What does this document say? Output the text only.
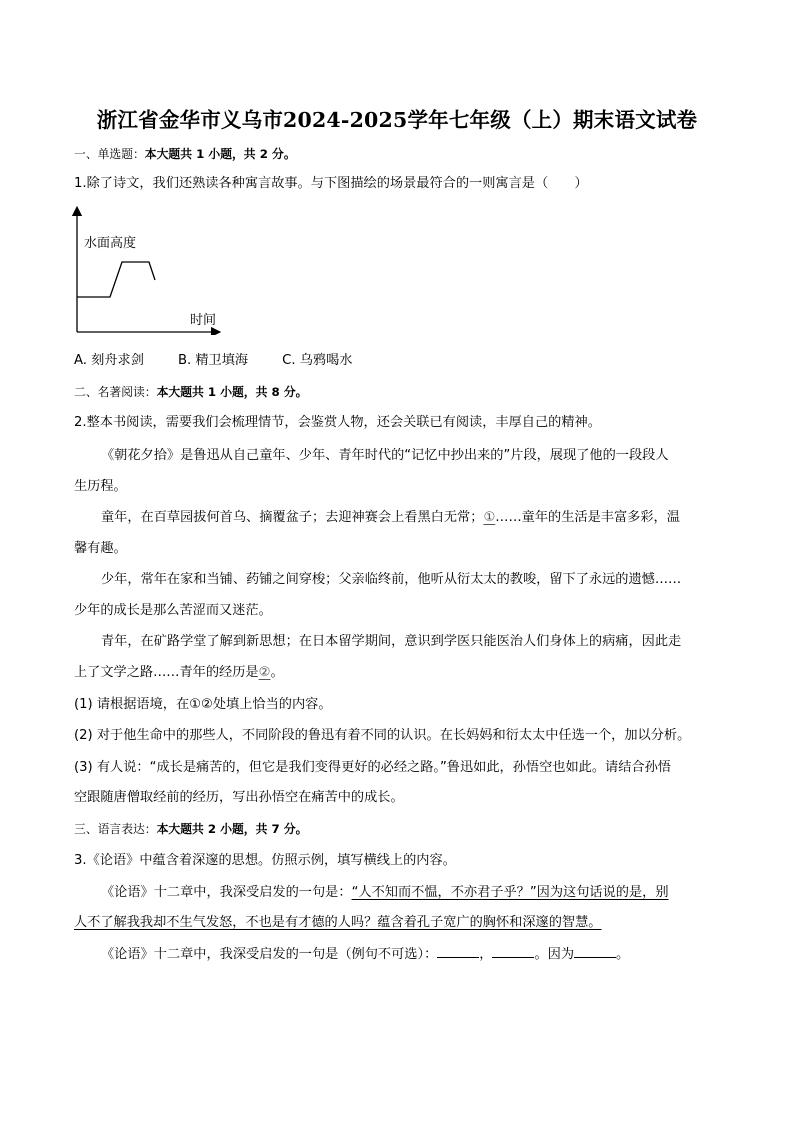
浙江省金华市义乌市2024-2025学年七年级（上）期末语文试卷
一、单选题：本大题共 1 小题，共 2 分。
1.除了诗文，我们还熟读各种寓言故事。与下图描绘的场景最符合的一则寓言是（　　）
水面高度
时间
A. 刻舟求剑	B. 精卫填海	C. 乌鸦喝水
二、名著阅读：本大题共 1 小题，共 8 分。
2.整本书阅读，需要我们会梳理情节，会鉴赏人物，还会关联已有阅读，丰厚自己的精神。
《朝花夕拾》是鲁迅从自己童年、少年、青年时代的“记忆中抄出来的”片段，展现了他的一段段人
生历程。
童年，在百草园拔何首乌、摘覆盆子；去迎神赛会上看黑白无常；①……童年的生活是丰富多彩，温
馨有趣。
少年，常年在家和当铺、药铺之间穿梭；父亲临终前，他听从衍太太的教唆，留下了永远的遗憾……
少年的成长是那么苦涩而又迷茫。
青年，在矿路学堂了解到新思想；在日本留学期间，意识到学医只能医治人们身体上的病痛，因此走
上了文学之路……青年的经历是②。
(1) 请根据语境，在①②处填上恰当的内容。
(2) 对于他生命中的那些人，不同阶段的鲁迅有着不同的认识。在长妈妈和衍太太中任选一个，加以分析。
(3) 有人说：“成长是痛苦的，但它是我们变得更好的必经之路。”鲁迅如此，孙悟空也如此。请结合孙悟
空跟随唐僧取经前的经历，写出孙悟空在痛苦中的成长。
三、语言表达：本大题共 2 小题，共 7 分。
3.《论语》中蕴含着深邃的思想。仿照示例，填写横线上的内容。
《论语》十二章中，我深受启发的一句是：“人不知而不愠，不亦君子乎？”因为这句话说的是，别
人不了解我我却不生气发怒，不也是有才德的人吗？蕴含着孔子宽广的胸怀和深邃的智慧。
《论语》十二章中，我深受启发的一句是（例句不可选）：	，	。因为	。
